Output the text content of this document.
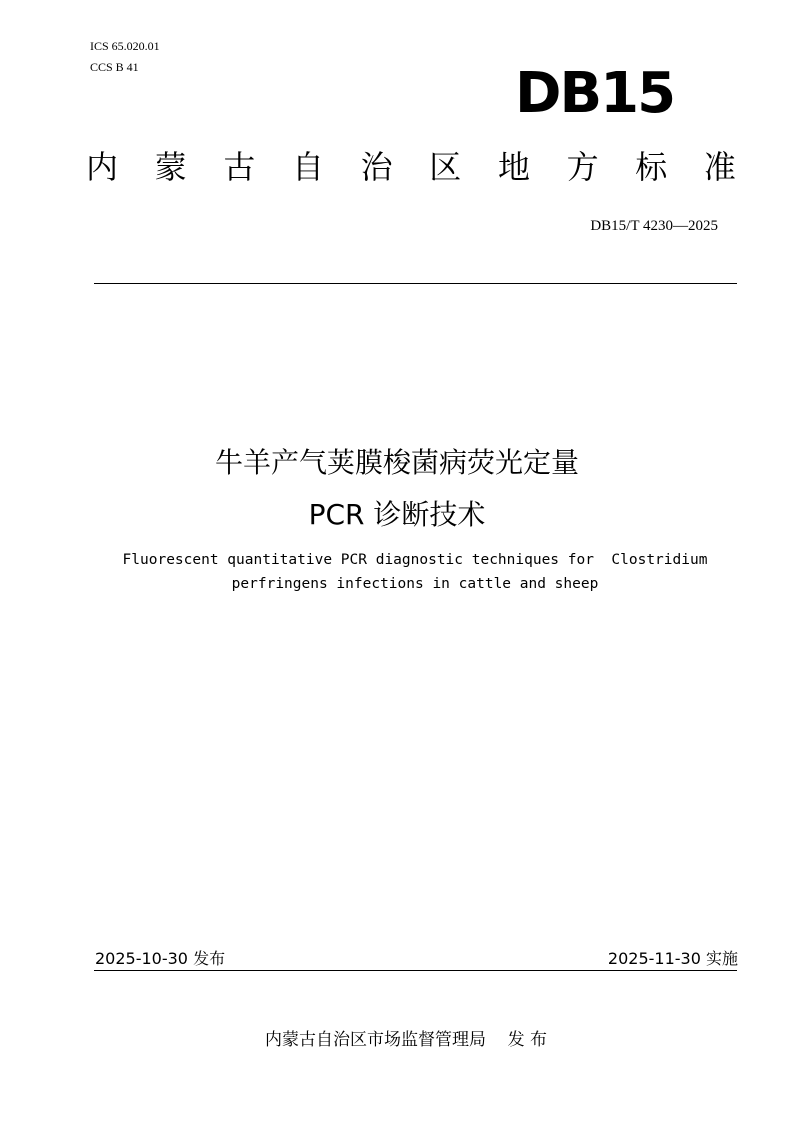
ICS 65.020.01
CCS B 41	DB15
内 蒙 古 自 治 区 地 方 标 准
DB15/T 4230—2025
牛羊产气荚膜梭菌病荧光定量
PCR 诊断技术
Fluorescent quantitative PCR diagnostic techniques for  Clostridium
perfringens infections in cattle and sheep
2025-10-30 发布	2025-11-30 实施
内蒙古自治区市场监督管理局    发 布
